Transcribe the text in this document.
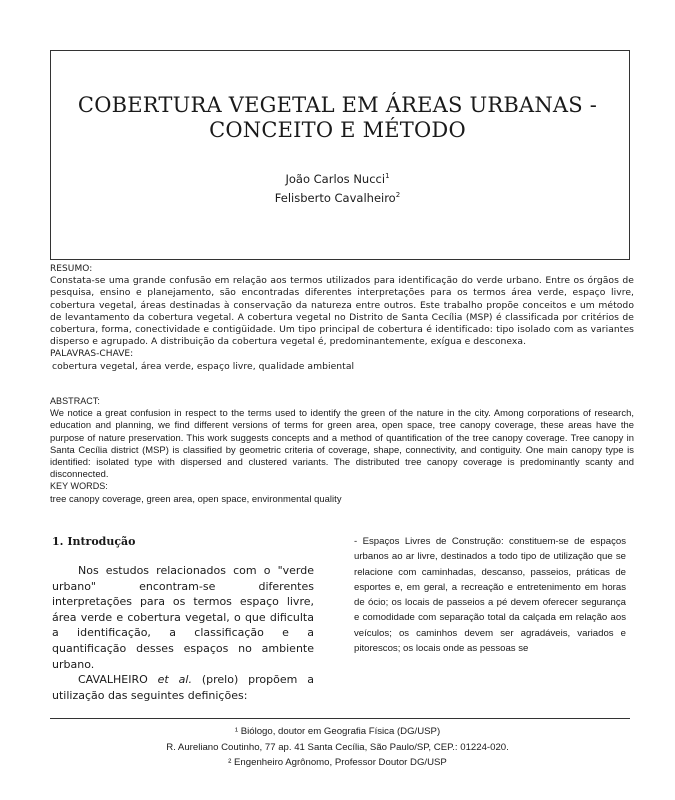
COBERTURA VEGETAL EM ÁREAS URBANAS -
CONCEITO E MÉTODO
João Carlos Nucci$^1$
Felisberto Cavalheiro$^2$
RESUMO:
Constata-se uma grande confusão em relação aos termos utilizados para identificação do verde urbano. Entre os órgãos de pesquisa, ensino e planejamento, são encontradas diferentes interpretações para os termos área verde, espaço livre, cobertura vegetal, áreas destinadas à conservação da natureza entre outros. Este trabalho propõe conceitos e um método de levantamento da cobertura vegetal. A cobertura vegetal no Distrito de Santa Cecília (MSP) é classificada por critérios de cobertura, forma, conectividade e contigüidade. Um tipo principal de cobertura é identificado: tipo isolado com as variantes disperso e agrupado. A distribuição da cobertura vegetal é, predominantemente, exígua e desconexa.
PALAVRAS-CHAVE:
cobertura vegetal, área verde, espaço livre, qualidade ambiental
ABSTRACT:
We notice a great confusion in respect to the terms used to identify the green of the nature in the city. Among corporations of research, education and planning, we find different versions of terms for green area, open space, tree canopy coverage, these areas have the purpose of nature preservation. This work suggests concepts and a method of quantification of the tree canopy coverage. Tree canopy in Santa Cecília district (MSP) is classified by geometric criteria of coverage, shape, connectivity, and contiguity. One main canopy type is identified: isolated type with dispersed and clustered variants. The distributed tree canopy coverage is predominantly scanty and disconnected.
KEY WORDS:
tree canopy coverage, green area, open space, environmental quality
1. Introdução
Nos estudos relacionados com o "verde urbano" encontram-se diferentes interpretações para os termos espaço livre, área verde e cobertura vegetal, o que dificulta a identificação, a classificação e a quantificação desses espaços no ambiente urbano.
CAVALHEIRO et al. (prelo) propõem a utilização das seguintes definições:
- Espaços Livres de Construção: constituem-se de espaços urbanos ao ar livre, destinados a todo tipo de utilização que se relacione com caminhadas, descanso, passeios, práticas de esportes e, em geral, a recreação e entretenimento em horas de ócio; os locais de passeios a pé devem oferecer segurança e comodidade com separação total da calçada em relação aos veículos; os caminhos devem ser agradáveis, variados e pitorescos; os locais onde as pessoas se
¹ Biólogo, doutor em Geografia Física (DG/USP)
R. Aureliano Coutinho, 77 ap. 41 Santa Cecília, São Paulo/SP, CEP.: 01224-020.
² Engenheiro Agrônomo, Professor Doutor DG/USP
